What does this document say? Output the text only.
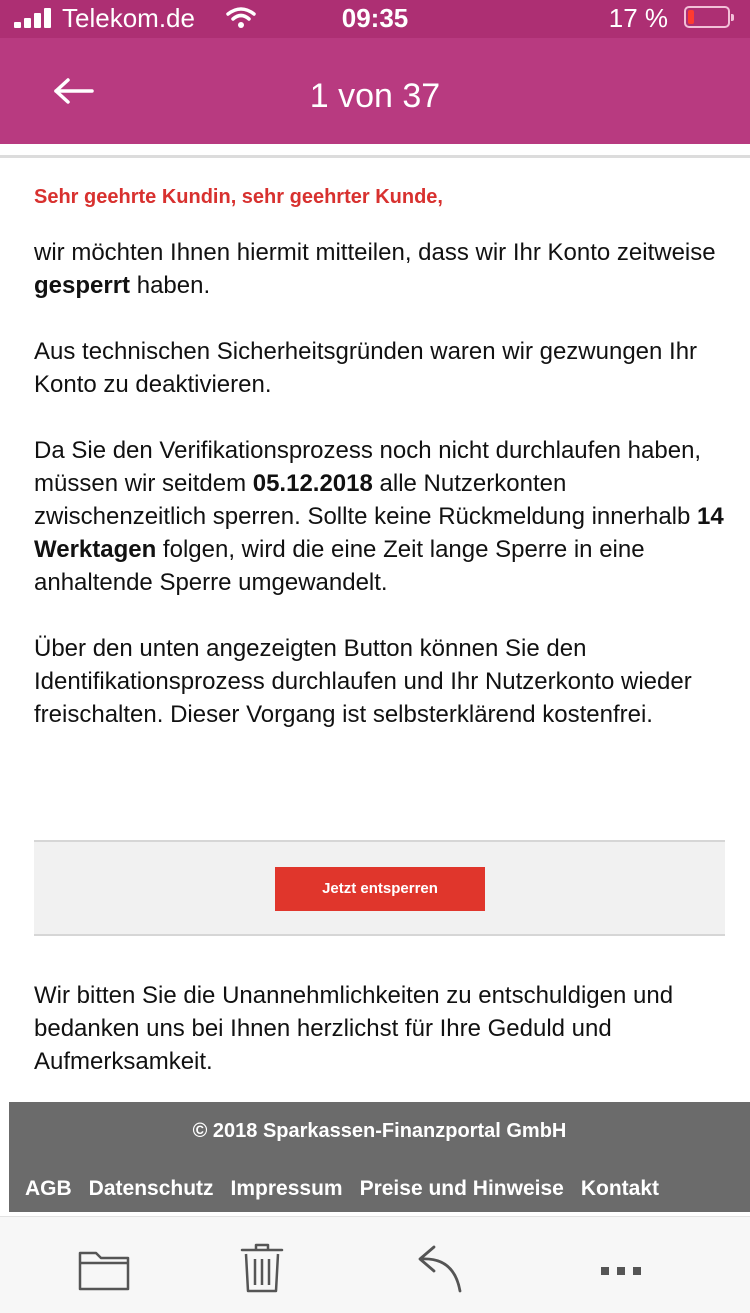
Telekom.de	09:35	17 %
1 von 37

Sehr geehrte Kundin, sehr geehrter Kunde,

wir möchten Ihnen hiermit mitteilen, dass wir Ihr Konto zeitweise gesperrt haben.

Aus technischen Sicherheitsgründen waren wir gezwungen Ihr Konto zu deaktivieren.

Da Sie den Verifikationsprozess noch nicht durchlaufen haben, müssen wir seitdem 05.12.2018 alle Nutzerkonten zwischenzeitlich sperren. Sollte keine Rückmeldung innerhalb 14 Werktagen folgen, wird die eine Zeit lange Sperre in eine anhaltende Sperre umgewandelt.

Über den unten angezeigten Button können Sie den Identifikationsprozess durchlaufen und Ihr Nutzerkonto wieder freischalten. Dieser Vorgang ist selbsterklärend kostenfrei.

Jetzt entsperren

Wir bitten Sie die Unannehmlichkeiten zu entschuldigen und bedanken uns bei Ihnen herzlichst für Ihre Geduld und Aufmerksamkeit.

© 2018 Sparkassen-Finanzportal GmbH
AGB Datenschutz Impressum Preise und Hinweise Kontakt
